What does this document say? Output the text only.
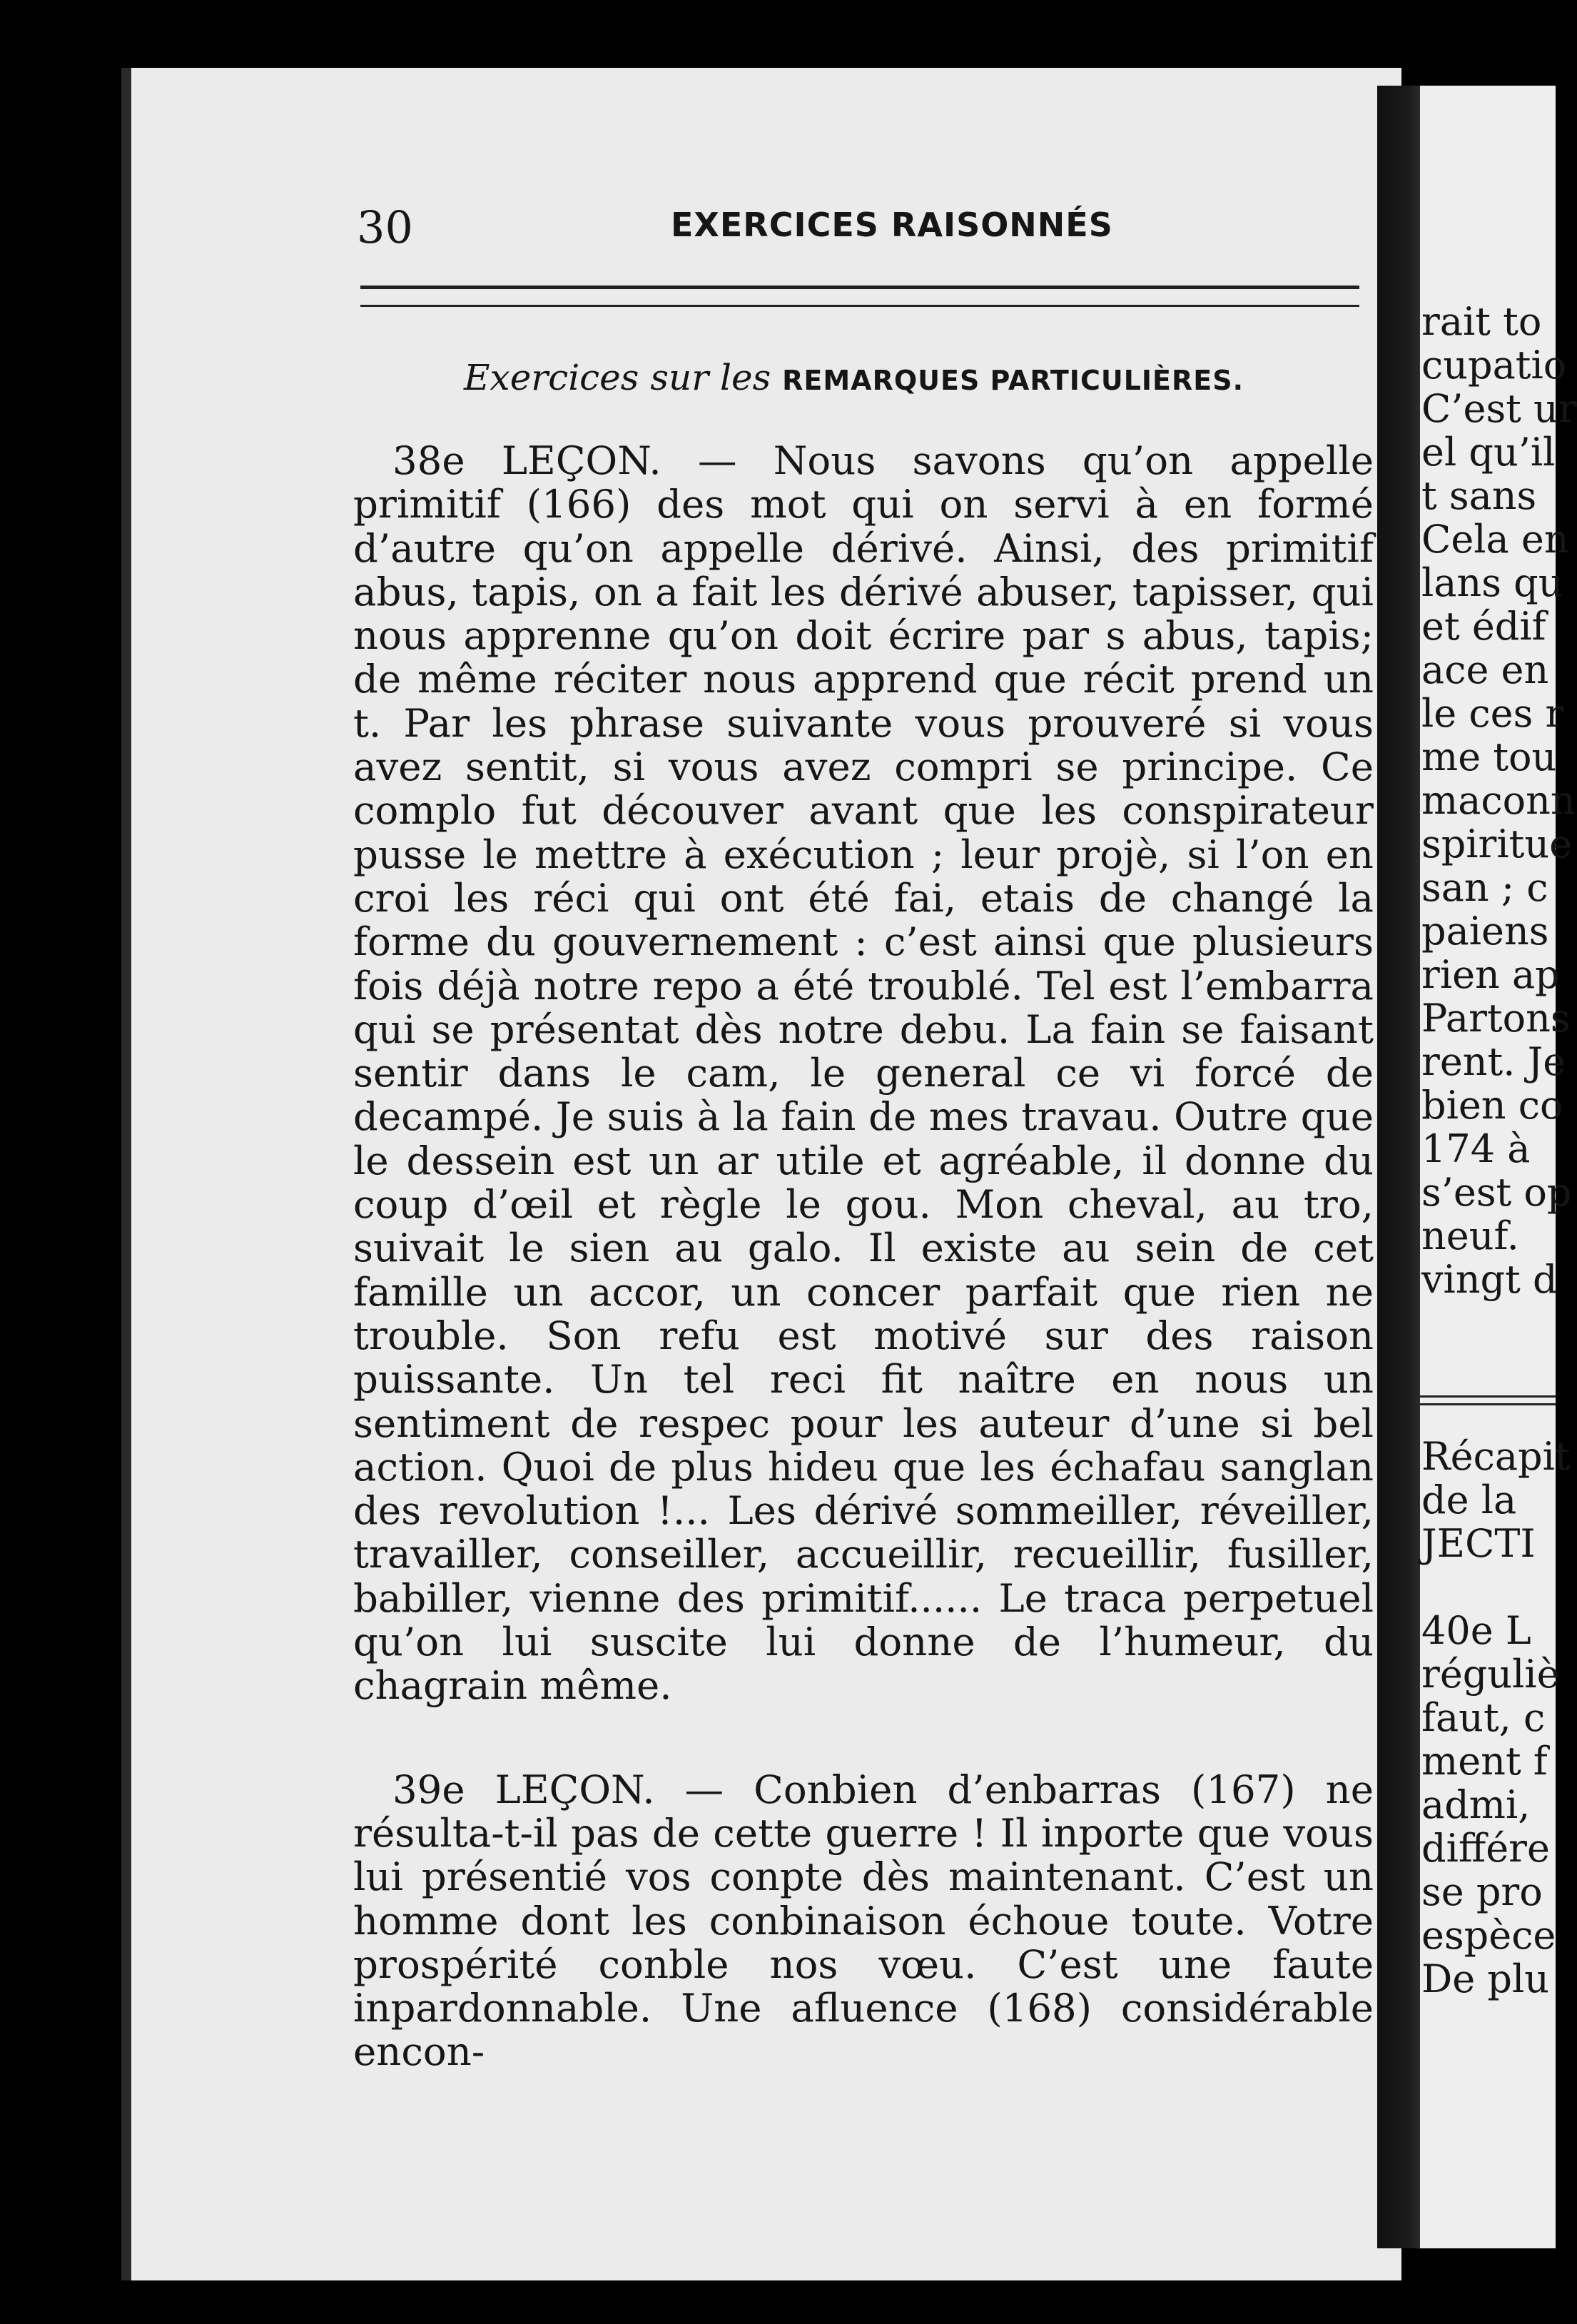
30	EXERCICES RAISONNÉS
Exercices sur les REMARQUES PARTICULIÈRES.

38e LEÇON. — Nous savons qu’on appelle primitif (166) des mot qui on servi à en formé d’autre qu’on appelle dérivé. Ainsi, des primitif abus, tapis, on a fait les dérivé abuser, tapisser, qui nous apprenne qu’on doit écrire par s abus, tapis; de même réciter nous apprend que récit prend un t. Par les phrase suivante vous prouveré si vous avez sentit, si vous avez compri se principe. Ce complo fut découver avant que les conspirateur pusse le mettre à exécution ; leur projè, si l’on en croi les réci qui ont été fai, etais de changé la forme du gouvernement : c’est ainsi que plusieurs fois déjà notre repo a été troublé. Tel est l’embarra qui se présentat dès notre debu. La fain se faisant sentir dans le cam, le general ce vi forcé de decampé. Je suis à la fain de mes travau. Outre que le dessein est un ar utile et agréable, il donne du coup d’œil et règle le gou. Mon cheval, au tro, suivait le sien au galo. Il existe au sein de cet famille un accor, un concer parfait que rien ne trouble. Son refu est motivé sur des raison puissante. Un tel reci fit naître en nous un sentiment de respec pour les auteur d’une si bel action. Quoi de plus hideu que les échafau sanglan des revolution !... Les dérivé sommeiller, réveiller, travailler, conseiller, accueillir, recueillir, fusiller, babiller, vienne des primitif...... Le traca perpetuel qu’on lui suscite lui donne de l’humeur, du chagrain même.

39e LEÇON. — Conbien d’enbarras (167) ne résulta-t-il pas de cette guerre ! Il inporte que vous lui présentié vos conpte dès maintenant. C’est un homme dont les conbinaison échoue toute. Votre prospérité conble nos vœu. C’est une faute inpardonnable. Une afluence (168) considérable encon-

rait to
cupatio
C’est ur
el qu’il
t sans
Cela en
lans qu
et édif
ace en
le ces r
me tou
maconn
spiritue
san ; c
paiens
rien ap
Partons
rent. Je
bien co
174 à
s’est op
neuf.
vingt d
Récapit
de la
JECTI

40e L
réguliè
faut, c
ment f
admi,
différe
se pro
espèce
De plu
